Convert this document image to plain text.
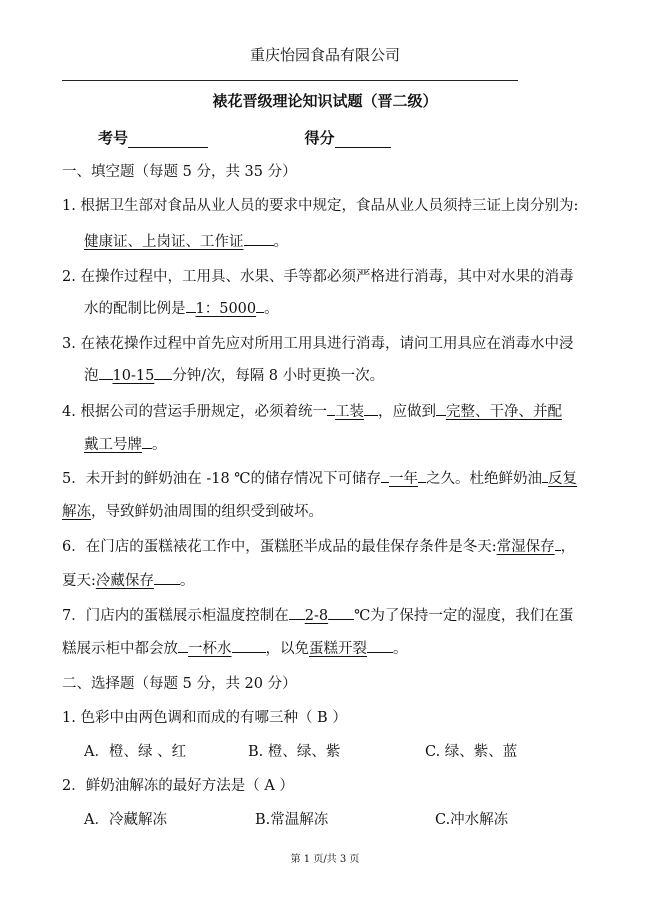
重庆怡园食品有限公司
裱花晋级理论知识试题（晋二级）
考号	得分
一、填空题（每题 5 分，共 35 分）
1. 根据卫生部对食品从业人员的要求中规定，食品从业人员须持三证上岗分别为:
健康证、上岗证、工作证 。
2. 在操作过程中，工用具、水果、手等都必须严格进行消毒，其中对水果的消毒
水的配制比例是 1：5000 。
3. 在裱花操作过程中首先应对所用工用具进行消毒，请问工用具应在消毒水中浸
泡 10-15 分钟/次，每隔 8 小时更换一次。
4. 根据公司的营运手册规定，必须着统一 工装 ，应做到 完整、干净、并配
戴工号牌 。
5．未开封的鲜奶油在 -18 ℃的储存情况下可储存 一年 之久。杜绝鲜奶油 反复
解冻，导致鲜奶油周围的组织受到破坏。
6．在门店的蛋糕裱花工作中，蛋糕胚半成品的最佳保存条件是冬天:常湿保存 ，
夏天:冷藏保存 。
7．门店内的蛋糕展示柜温度控制在 2-8 ℃为了保持一定的湿度，我们在蛋
糕展示柜中都会放 一杯水 ，以免蛋糕开裂 。
二、选择题（每题 5 分，共 20 分）
1. 色彩中由两色调和而成的有哪三种（ B ）
A．橙、绿 、红	B. 橙、绿、紫	C. 绿、紫、蓝
2．鲜奶油解冻的最好方法是（ A ）
A．冷藏解冻	B.常温解冻	C.冲水解冻
第 1 页/共 3 页
